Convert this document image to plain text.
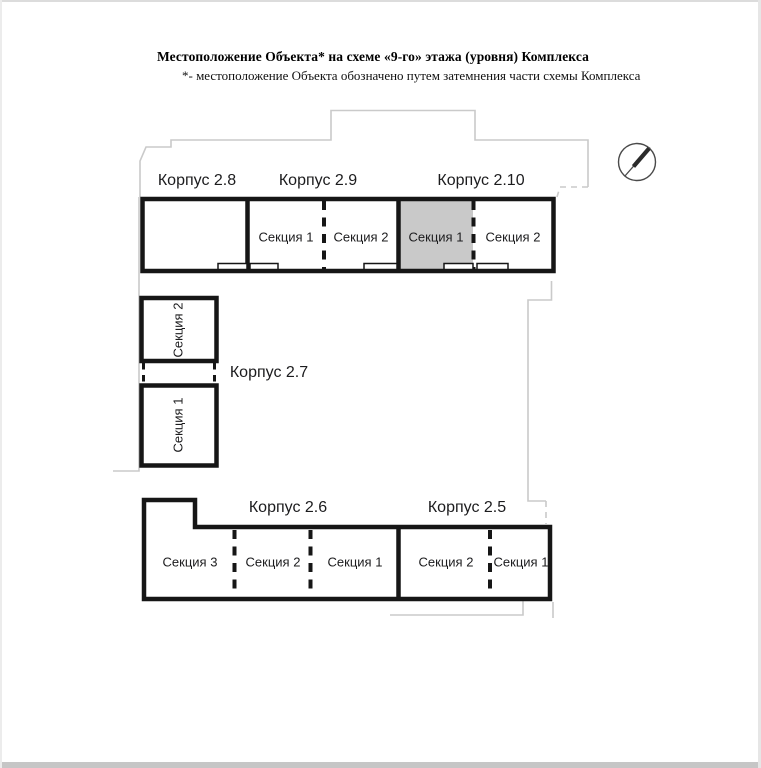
Местоположение Объекта* на схеме «9-го» этажа (уровня) Комплекса
*- местоположение Объекта обозначено путем затемнения части схемы Комплекса
Корпус 2.8	Корпус 2.9	Корпус 2.10
Секция 1 Секция 2 Секция 1 Секция 2
Корпус 2.7
Секция 2
Секция 1
Корпус 2.6	Корпус 2.5
Секция 3 Секция 2 Секция 1	Секция 2 Секция 1
